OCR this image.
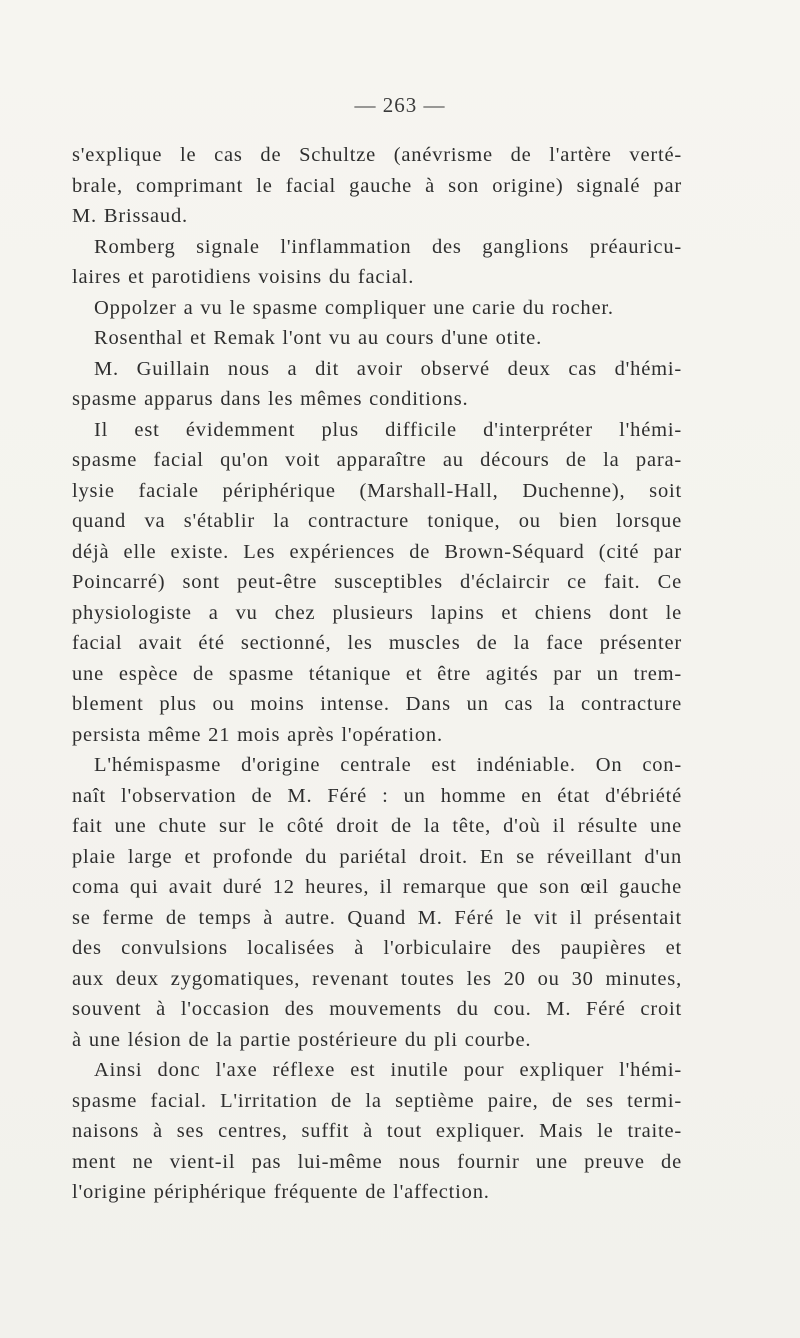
— 263 —
s'explique le cas de Schultze (anévrisme de l'artère verté-
brale, comprimant le facial gauche à son origine) signalé par
M. Brissaud.
Romberg signale l'inflammation des ganglions préauricu-
laires et parotidiens voisins du facial.
Oppolzer a vu le spasme compliquer une carie du rocher.
Rosenthal et Remak l'ont vu au cours d'une otite.
M. Guillain nous a dit avoir observé deux cas d'hémi-
spasme apparus dans les mêmes conditions.
Il est évidemment plus difficile d'interpréter l'hémi-
spasme facial qu'on voit apparaître au décours de la para-
lysie faciale périphérique (Marshall-Hall, Duchenne), soit
quand va s'établir la contracture tonique, ou bien lorsque
déjà elle existe. Les expériences de Brown-Séquard (cité par
Poincarré) sont peut-être susceptibles d'éclaircir ce fait. Ce
physiologiste a vu chez plusieurs lapins et chiens dont le
facial avait été sectionné, les muscles de la face présenter
une espèce de spasme tétanique et être agités par un trem-
blement plus ou moins intense. Dans un cas la contracture
persista même 21 mois après l'opération.
L'hémispasme d'origine centrale est indéniable. On con-
naît l'observation de M. Féré : un homme en état d'ébriété
fait une chute sur le côté droit de la tête, d'où il résulte une
plaie large et profonde du pariétal droit. En se réveillant d'un
coma qui avait duré 12 heures, il remarque que son œil gauche
se ferme de temps à autre. Quand M. Féré le vit il présentait
des convulsions localisées à l'orbiculaire des paupières et
aux deux zygomatiques, revenant toutes les 20 ou 30 minutes,
souvent à l'occasion des mouvements du cou. M. Féré croit
à une lésion de la partie postérieure du pli courbe.
Ainsi donc l'axe réflexe est inutile pour expliquer l'hémi-
spasme facial. L'irritation de la septième paire, de ses termi-
naisons à ses centres, suffit à tout expliquer. Mais le traite-
ment ne vient-il pas lui-même nous fournir une preuve de
l'origine périphérique fréquente de l'affection.
